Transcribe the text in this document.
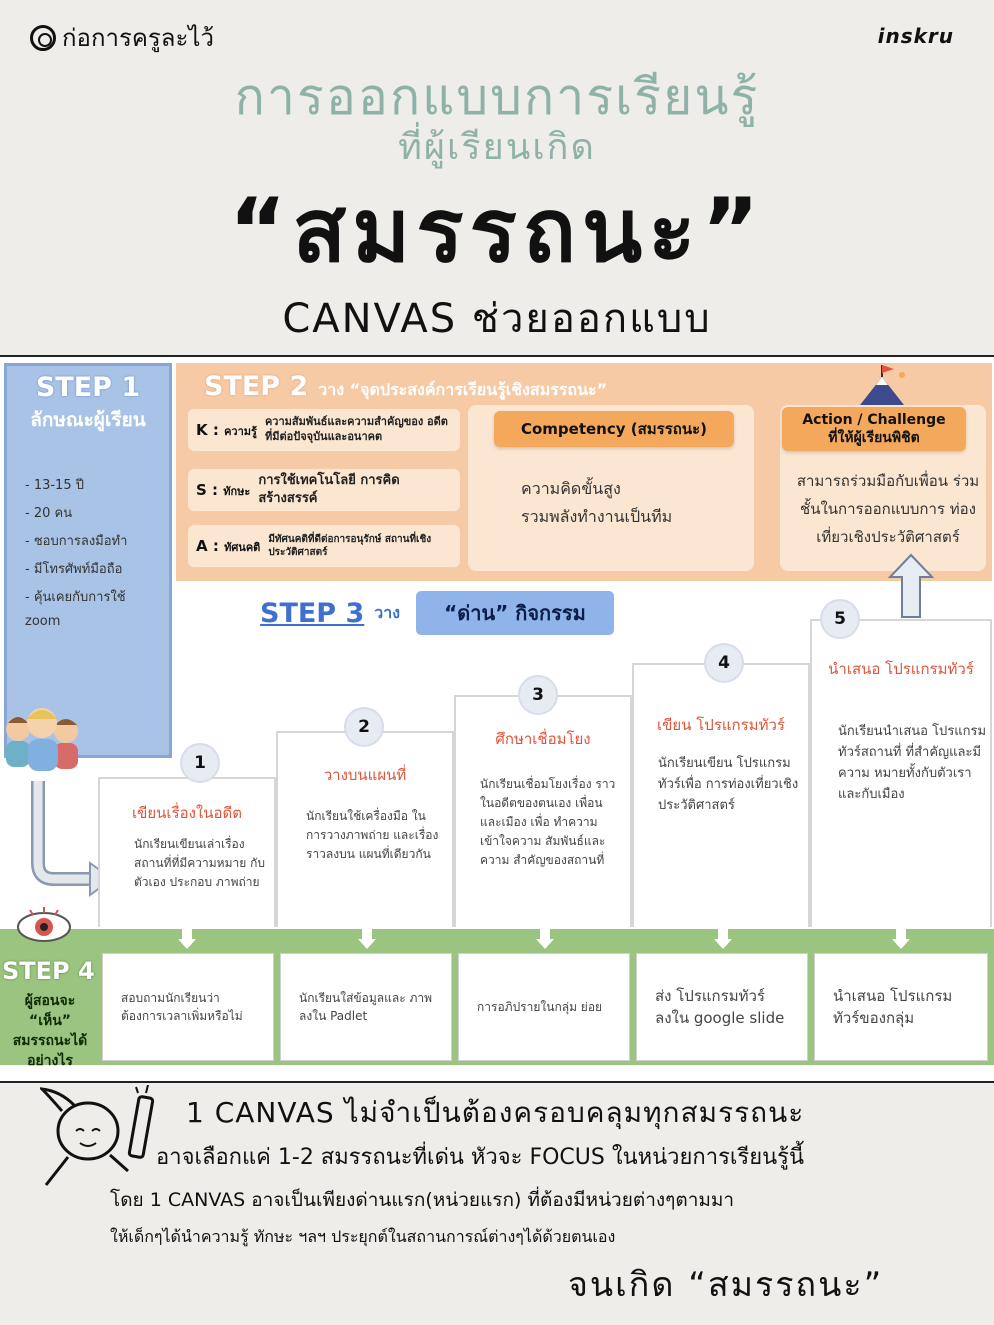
ก่อการครูละไว้	inskru
การออกแบบการเรียนรู้
ที่ผู้เรียนเกิด
“สมรรถนะ”
CANVAS ช่วยออกแบบ
STEP 1
ลักษณะผู้เรียน
- 13-15 ปี
- 20 คน
- ชอบการลงมือทำ
- มีโทรศัพท์มือถือ
- คุ้นเคยกับการใช้
zoom
STEP 2 วาง “จุดประสงค์การเรียนรู้เชิงสมรรถนะ”
K : ความรู้
ความสัมพันธ์และความสำคัญของ อดีตที่มีต่อปัจจุบันและอนาคต
S : ทักษะ
การใช้เทคโนโลยี การคิดสร้างสรรค์
A : ทัศนคติ
มีทัศนคติที่ดีต่อการอนุรักษ์ สถานที่เชิงประวัติศาสตร์
Competency (สมรรถนะ)
ความคิดขั้นสูง
รวมพลังทำงานเป็นทีม
Action / Challenge
ที่ให้ผู้เรียนพิชิต
สามารถร่วมมือกับเพื่อน ร่วมชั้นในการออกแบบการ ท่องเที่ยวเชิงประวัติศาสตร์
STEP 3 วาง	“ด่าน” กิจกรรม
1
เขียนเรื่องในอดีต
นักเรียนเขียนเล่าเรื่อง สถานที่ที่มีความหมาย กับตัวเอง ประกอบ ภาพถ่าย
2
วางบนแผนที่
นักเรียนใช้เครื่องมือ ในการวางภาพถ่าย และเรื่องราวลงบน แผนที่เดียวกัน
3
ศึกษาเชื่อมโยง
นักเรียนเชื่อมโยงเรื่อง ราวในอดีตของตนเอง เพื่อน และเมือง เพื่อ ทำความเข้าใจความ สัมพันธ์และความ สำคัญของสถานที่
4
เขียน โปรแกรมทัวร์
นักเรียนเขียน โปรแกรมทัวร์เพื่อ การท่องเที่ยวเชิง ประวัติศาสตร์
5
นำเสนอ โปรแกรมทัวร์
นักเรียนนำเสนอ โปรแกรมทัวร์สถานที่ ที่สำคัญและมีความ หมายทั้งกับตัวเรา และกับเมือง
STEP 4
ผู้สอนจะ “เห็น” สมรรถนะได้ อย่างไร
สอบถามนักเรียนว่า ต้องการเวลาเพิ่มหรือไม่
นักเรียนใส่ข้อมูลและ ภาพลงใน Padlet
การอภิปรายในกลุ่ม ย่อย
ส่ง โปรแกรมทัวร์ ลงใน google slide
นำเสนอ โปรแกรม ทัวร์ของกลุ่ม
1 CANVAS ไม่จำเป็นต้องครอบคลุมทุกสมรรถนะ
อาจเลือกแค่ 1-2 สมรรถนะที่เด่น หัวจะ FOCUS ในหน่วยการเรียนรู้นี้
โดย 1 CANVAS อาจเป็นเพียงด่านแรก(หน่วยแรก) ที่ต้องมีหน่วยต่างๆตามมา
ให้เด็กๆได้นำความรู้ ทักษะ ฯลฯ ประยุกต์ในสถานการณ์ต่างๆได้ด้วยตนเอง
จนเกิด “สมรรถนะ”
